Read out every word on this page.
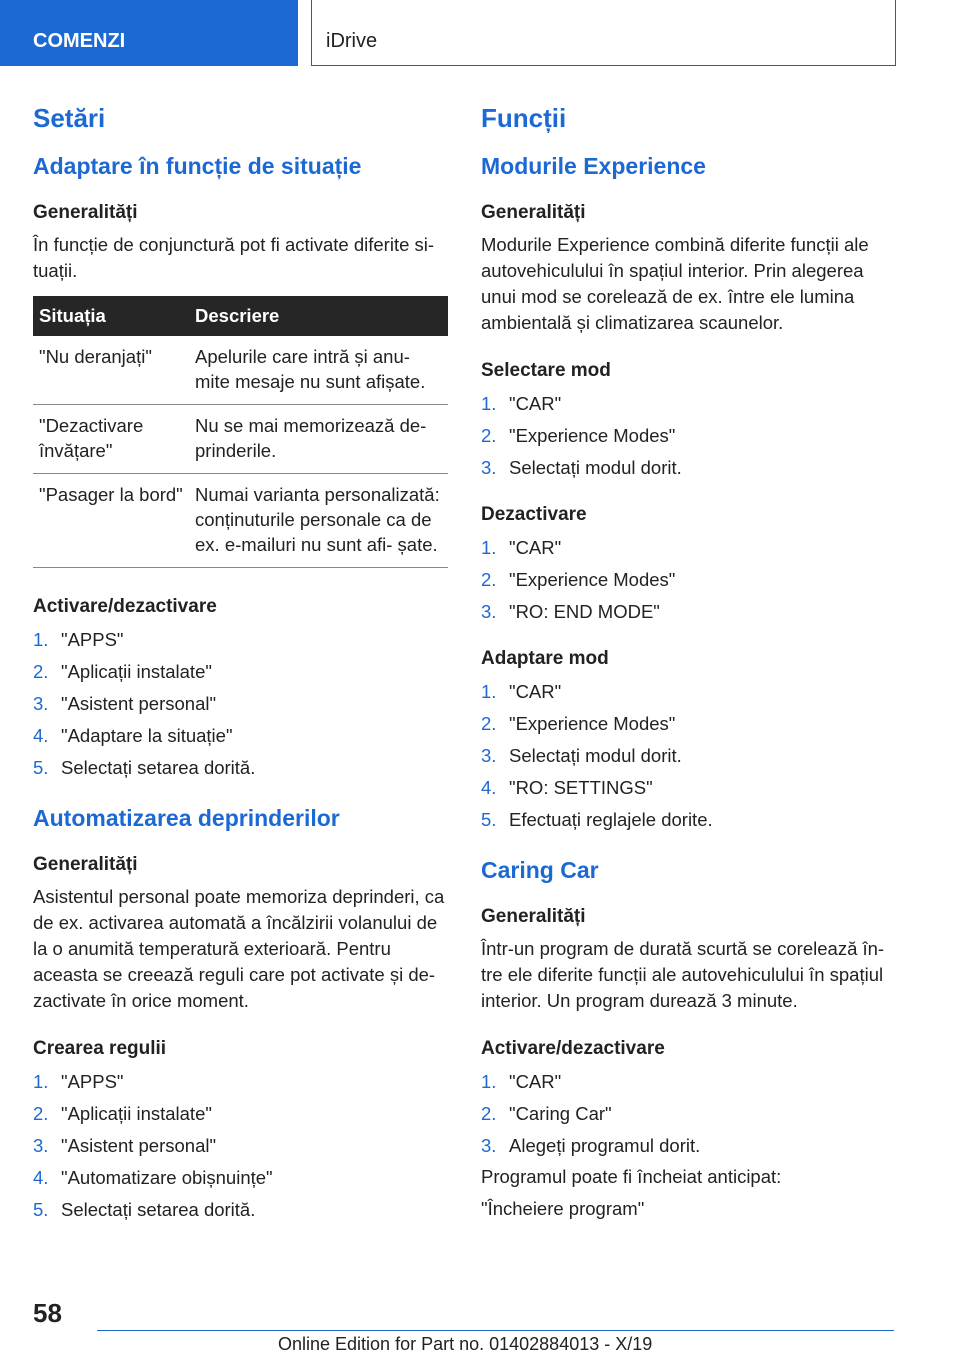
COMENZI	iDrive
Setări
Adaptare în funcție de situație
Generalități
În funcție de conjunctură pot fi activate diferite si‐ tuații.
Situația	Descriere
"Nu deranjați"	Apelurile care intră și anu‐ mite mesaje nu sunt afișate.
"Dezactivare învățare"	Nu se mai memorizează de‐ prinderile.
"Pasager la bord"	Numai varianta personalizată: conținuturile personale ca de ex. e-mailuri nu sunt afi‐ șate.
Activare/dezactivare
1. "APPS"
2. "Aplicații instalate"
3. "Asistent personal"
4. "Adaptare la situație"
5. Selectați setarea dorită.
Automatizarea deprinderilor
Generalități
Asistentul personal poate memoriza deprinderi, ca de ex. activarea automată a încălzirii volanului de la o anumită temperatură exterioară. Pentru aceasta se creează reguli care pot activate și de‐ zactivate în orice moment.
Crearea regulii
1. "APPS"
2. "Aplicații instalate"
3. "Asistent personal"
4. "Automatizare obișnuințe"
5. Selectați setarea dorită.
Funcții
Modurile Experience
Generalități
Modurile Experience combină diferite funcții ale autovehiculului în spațiul interior. Prin alegerea unui mod se corelează de ex. între ele lumina ambientală și climatizarea scaunelor.
Selectare mod
1. "CAR"
2. "Experience Modes"
3. Selectați modul dorit.
Dezactivare
1. "CAR"
2. "Experience Modes"
3. "RO: END MODE"
Adaptare mod
1. "CAR"
2. "Experience Modes"
3. Selectați modul dorit.
4. "RO: SETTINGS"
5. Efectuați reglajele dorite.
Caring Car
Generalități
Într-un program de durată scurtă se corelează în‐ tre ele diferite funcții ale autovehiculului în spațiul interior. Un program durează 3 minute.
Activare/dezactivare
1. "CAR"
2. "Caring Car"
3. Alegeți programul dorit.
Programul poate fi încheiat anticipat:
"Încheiere program"
58
Online Edition for Part no. 01402884013 - X/19
